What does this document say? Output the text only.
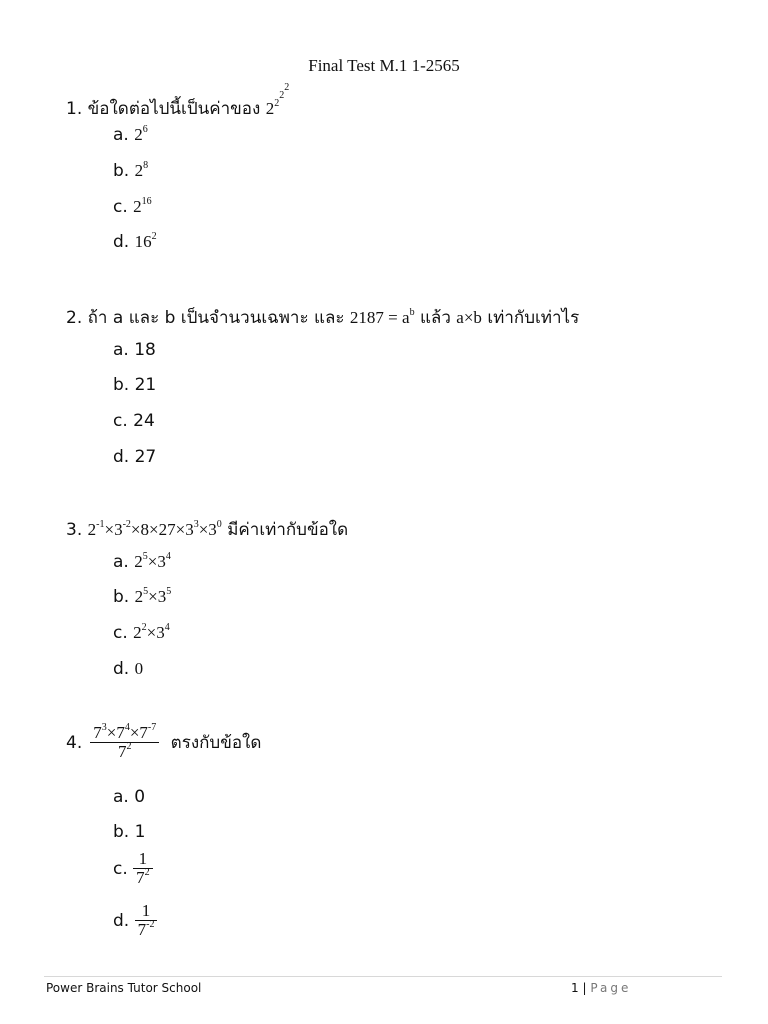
Final Test M.1 1-2565
1. ข้อใดต่อไปนี้เป็นค่าของ $2^{2^{2^2}}$
a. $2^6$
b. $2^8$
c. $2^{16}$
d. $16^2$
2. ถ้า a และ b เป็นจำนวนเฉพาะ และ $2187 = a^b$ แล้ว a×b เท่ากับเท่าไร
a. 18
b. 21
c. 24
d. 27
3. $2^{-1}\times 3^{-2}\times 8\times 27\times 3^3\times 3^0$ มีค่าเท่ากับข้อใด
a. $2^5\times 3^4$
b. $2^5\times 3^5$
c. $2^2\times 3^4$
d. 0
4. $\frac{7^3\times 7^4\times 7^{-7}}{7^2}$ ตรงกับข้อใด
a. 0
b. 1
c. $\frac{1}{7^2}$
d. $\frac{1}{7^{-2}}$
Power Brains Tutor School	1 | Page
